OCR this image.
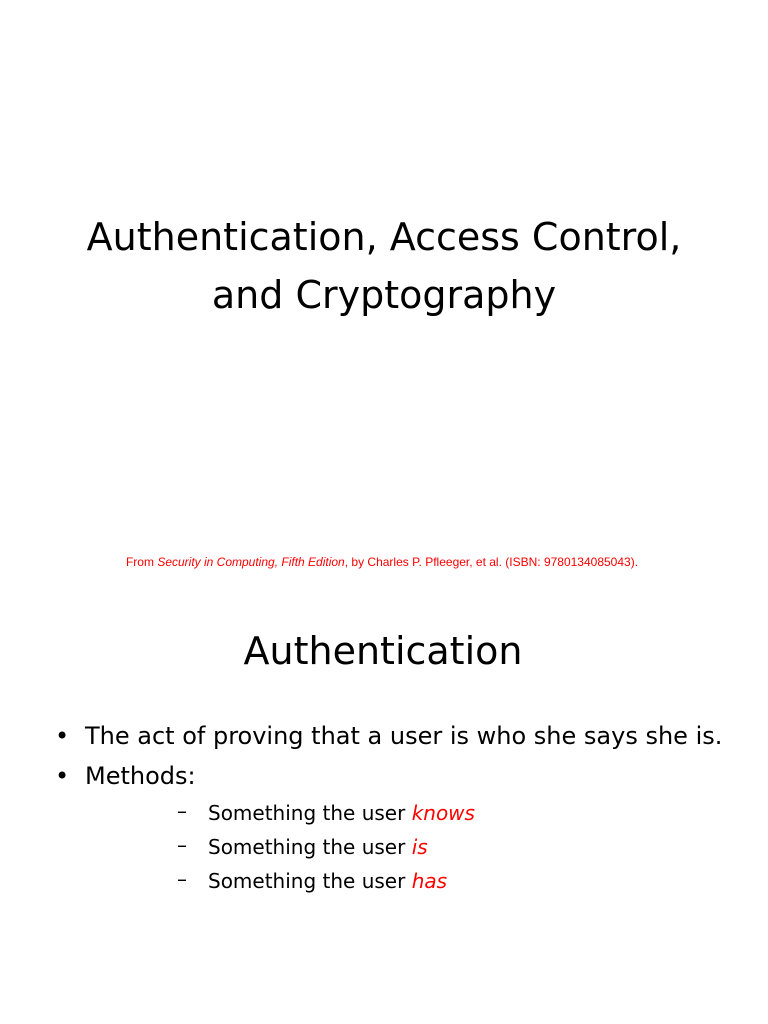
Authentication, Access Control,
and Cryptography

From Security in Computing, Fifth Edition, by Charles P. Pfleeger, et al. (ISBN: 9780134085043).

Authentication
• The act of proving that a user is who she says she is.
• Methods:
– Something the user knows
– Something the user is
– Something the user has
